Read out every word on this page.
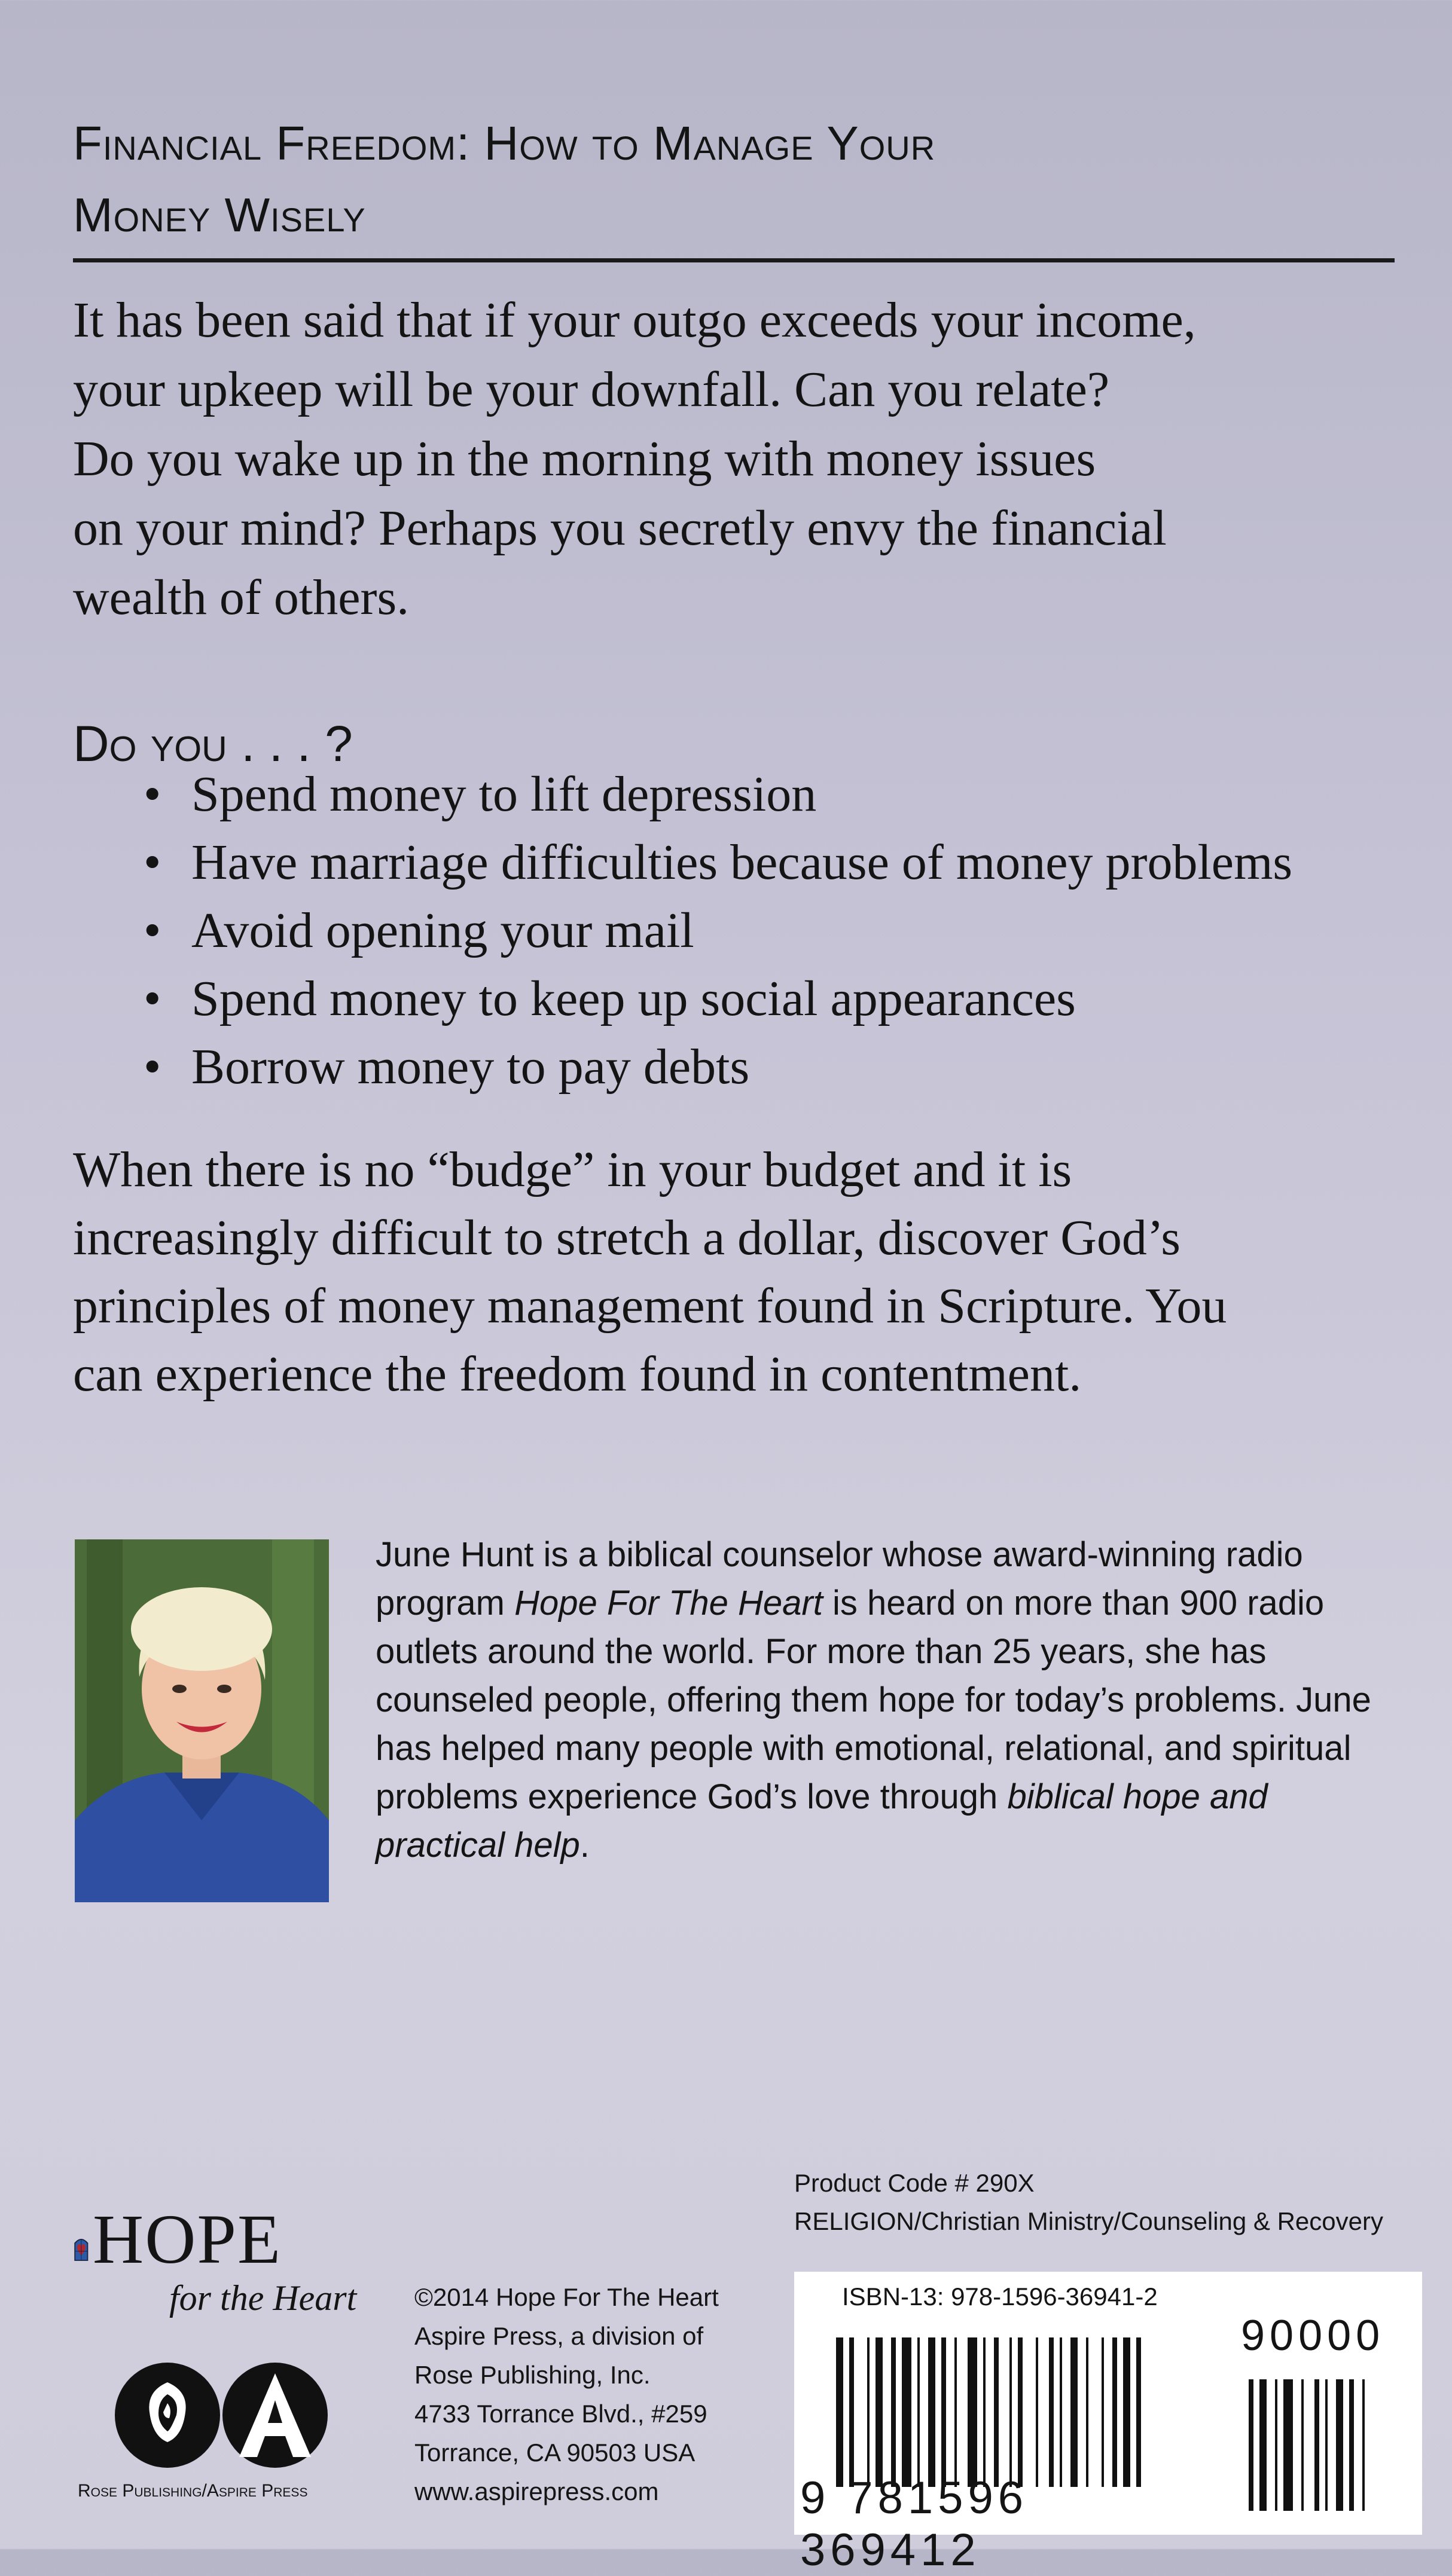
Financial Freedom: How to Manage Your
Money Wisely
It has been said that if your outgo exceeds your income,
your upkeep will be your downfall. Can you relate?
Do you wake up in the morning with money issues
on your mind? Perhaps you secretly envy the financial
wealth of others.
Do you . . . ?
• Spend money to lift depression
• Have marriage difficulties because of money problems
• Avoid opening your mail
• Spend money to keep up social appearances
• Borrow money to pay debts
When there is no “budge” in your budget and it is
increasingly difficult to stretch a dollar, discover God’s
principles of money management found in Scripture. You
can experience the freedom found in contentment.
June Hunt is a biblical counselor whose award-winning radio program Hope For The Heart is heard on more than 900 radio outlets around the world. For more than 25 years, she has counseled people, offering them hope for today’s problems. June has helped many people with emotional, relational, and spiritual problems experience God’s love through biblical hope and practical help.
Product Code # 290X
RELIGION/Christian Ministry/Counseling & Recovery
HOPE
for the Heart ©2014 Hope For The Heart
Aspire Press, a division of
Rose Publishing, Inc.
4733 Torrance Blvd., #259
Torrance, CA 90503 USA
www.aspirepress.com
Rose Publishing/Aspire Press
ISBN-13: 978-1596-36941-2
90000
9 781596 369412
